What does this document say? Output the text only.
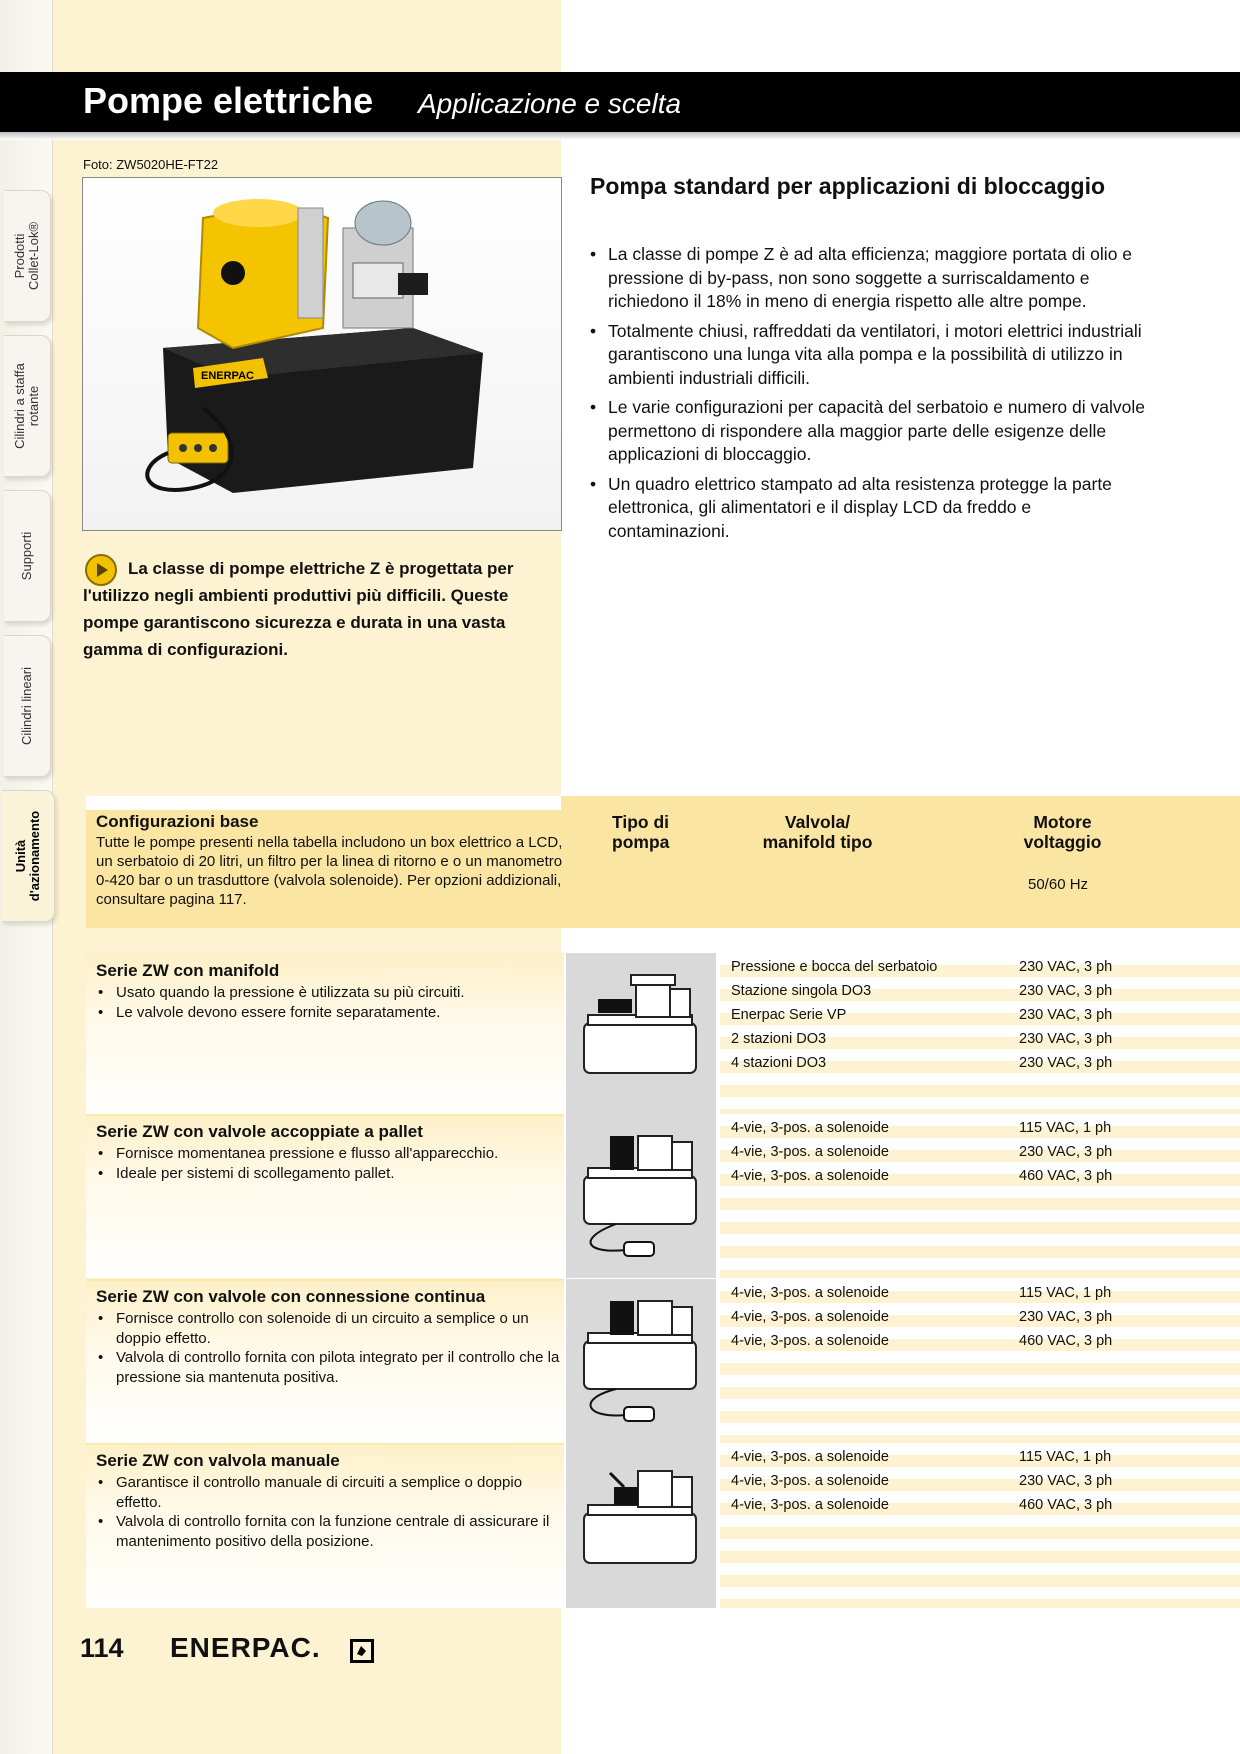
Pompe elettriche Applicazione e scelta
Prodotti Collet-Lok®
Cilindri a staffa rotante
Supporti
Cilindri lineari
Unità d'azionamento
Foto: ZW5020HE-FT22
ENERPAC
La classe di pompe elettriche Z è progettata per l'utilizzo negli ambienti produttivi più difficili. Queste pompe garantiscono sicurezza e durata in una vasta gamma di configurazioni.
Pompa standard per applicazioni di bloccaggio
• La classe di pompe Z è ad alta efficienza; maggiore portata di olio e pressione di by-pass, non sono soggette a surriscaldamento e richiedono il 18% in meno di energia rispetto alle altre pompe.
• Totalmente chiusi, raffreddati da ventilatori, i motori elettrici industriali garantiscono una lunga vita alla pompa e la possibilità di utilizzo in ambienti industriali difficili.
• Le varie configurazioni per capacità del serbatoio e numero di valvole permettono di rispondere alla maggior parte delle esigenze delle applicazioni di bloccaggio.
• Un quadro elettrico stampato ad alta resistenza protegge la parte elettronica, gli alimentatori e il display LCD da freddo e contaminazioni.
Configurazioni base
Tutte le pompe presenti nella tabella includono un box elettrico a LCD, un serbatoio di 20 litri, un filtro per la linea di ritorno e o un manometro 0-420 bar o un trasduttore (valvola solenoide). Per opzioni addizionali, consultare pagina 117.
Tipo di
pompa
Valvola/
manifold tipo
Motore
voltaggio
50/60 Hz
Serie ZW con manifold
• Usato quando la pressione è utilizzata su più circuiti.
• Le valvole devono essere fornite separatamente.
Pressione e bocca del serbatoio	230 VAC, 3 ph
Stazione singola DO3	230 VAC, 3 ph
Enerpac Serie VP	230 VAC, 3 ph
2 stazioni DO3	230 VAC, 3 ph
4 stazioni DO3	230 VAC, 3 ph
Serie ZW con valvole accoppiate a pallet
• Fornisce momentanea pressione e flusso all'apparecchio.
• Ideale per sistemi di scollegamento pallet.
4-vie, 3-pos. a solenoide	115 VAC, 1 ph
4-vie, 3-pos. a solenoide	230 VAC, 3 ph
4-vie, 3-pos. a solenoide	460 VAC, 3 ph
Serie ZW con valvole con connessione continua
• Fornisce controllo con solenoide di un circuito a semplice o un doppio effetto.
• Valvola di controllo fornita con pilota integrato per il controllo che la pressione sia mantenuta positiva.
4-vie, 3-pos. a solenoide	115 VAC, 1 ph
4-vie, 3-pos. a solenoide	230 VAC, 3 ph
4-vie, 3-pos. a solenoide	460 VAC, 3 ph
Serie ZW con valvola manuale
• Garantisce il controllo manuale di circuiti a semplice o doppio effetto.
• Valvola di controllo fornita con la funzione centrale di assicurare il mantenimento positivo della posizione.
4-vie, 3-pos. a solenoide	115 VAC, 1 ph
4-vie, 3-pos. a solenoide	230 VAC, 3 ph
4-vie, 3-pos. a solenoide	460 VAC, 3 ph
114 ENERPAC.
